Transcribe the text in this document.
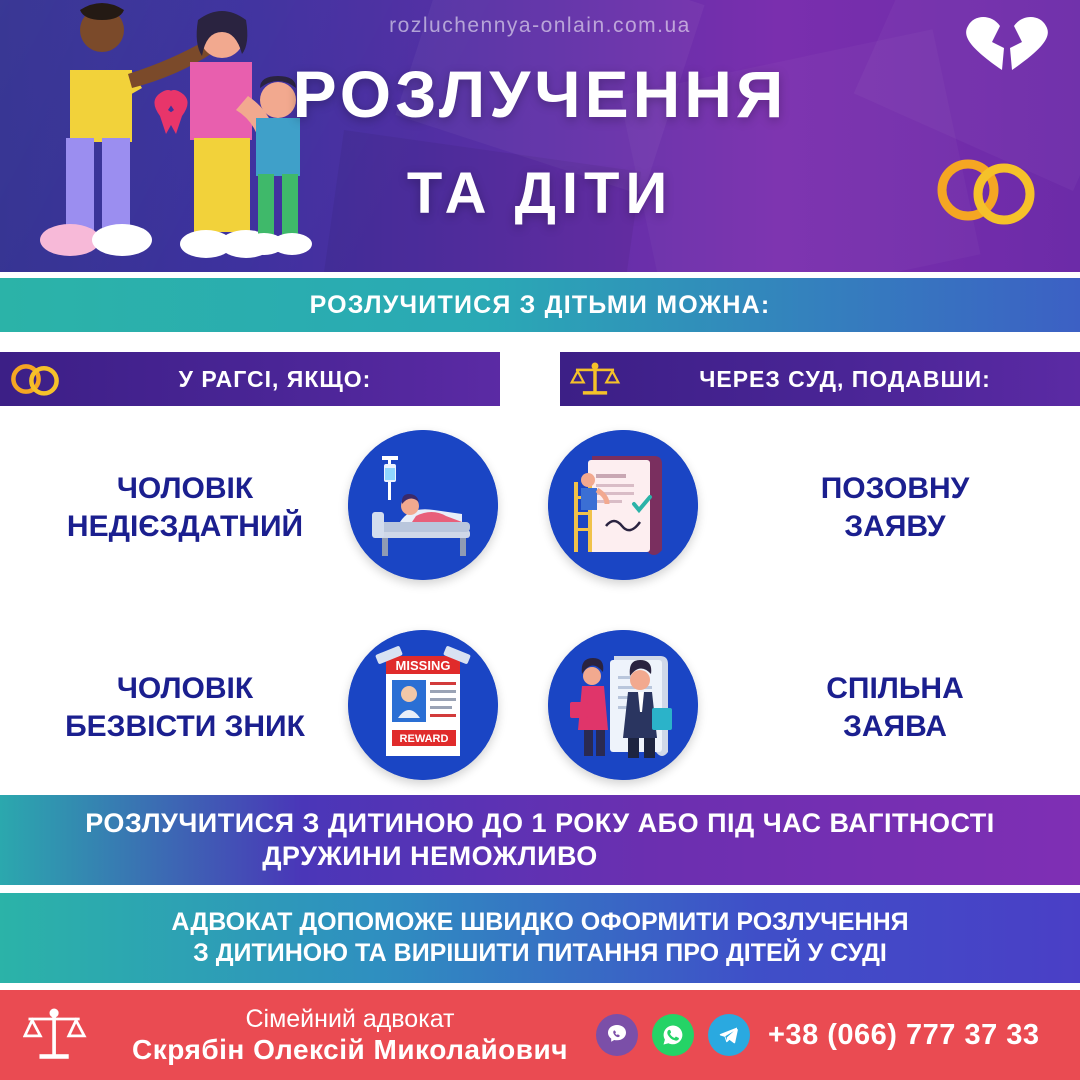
rozluchennya-onlain.com.ua
РОЗЛУЧЕННЯ
ТА ДІТИ
РОЗЛУЧИТИСЯ З ДІТЬМИ МОЖНА:
У РАГСІ, ЯКЩО:	ЧЕРЕЗ СУД, ПОДАВШИ:
ЧОЛОВІК
НЕДІЄЗДАТНИЙ
ПОЗОВНУ
ЗАЯВУ
ЧОЛОВІК
БЕЗВІСТИ ЗНИК
MISSING
REWARD
СПІЛЬНА
ЗАЯВА
РОЗЛУЧИТИСЯ З ДИТИНОЮ ДО 1 РОКУ АБО ПІД ЧАС ВАГІТНОСТІ
ДРУЖИНИ НЕМОЖЛИВО
АДВОКАТ ДОПОМОЖЕ ШВИДКО ОФОРМИТИ РОЗЛУЧЕННЯ
З ДИТИНОЮ ТА ВИРІШИТИ ПИТАННЯ ПРО ДІТЕЙ У СУДІ
Сімейний адвокат
Скрябін Олексій Миколайович	+38 (066) 777 37 33
